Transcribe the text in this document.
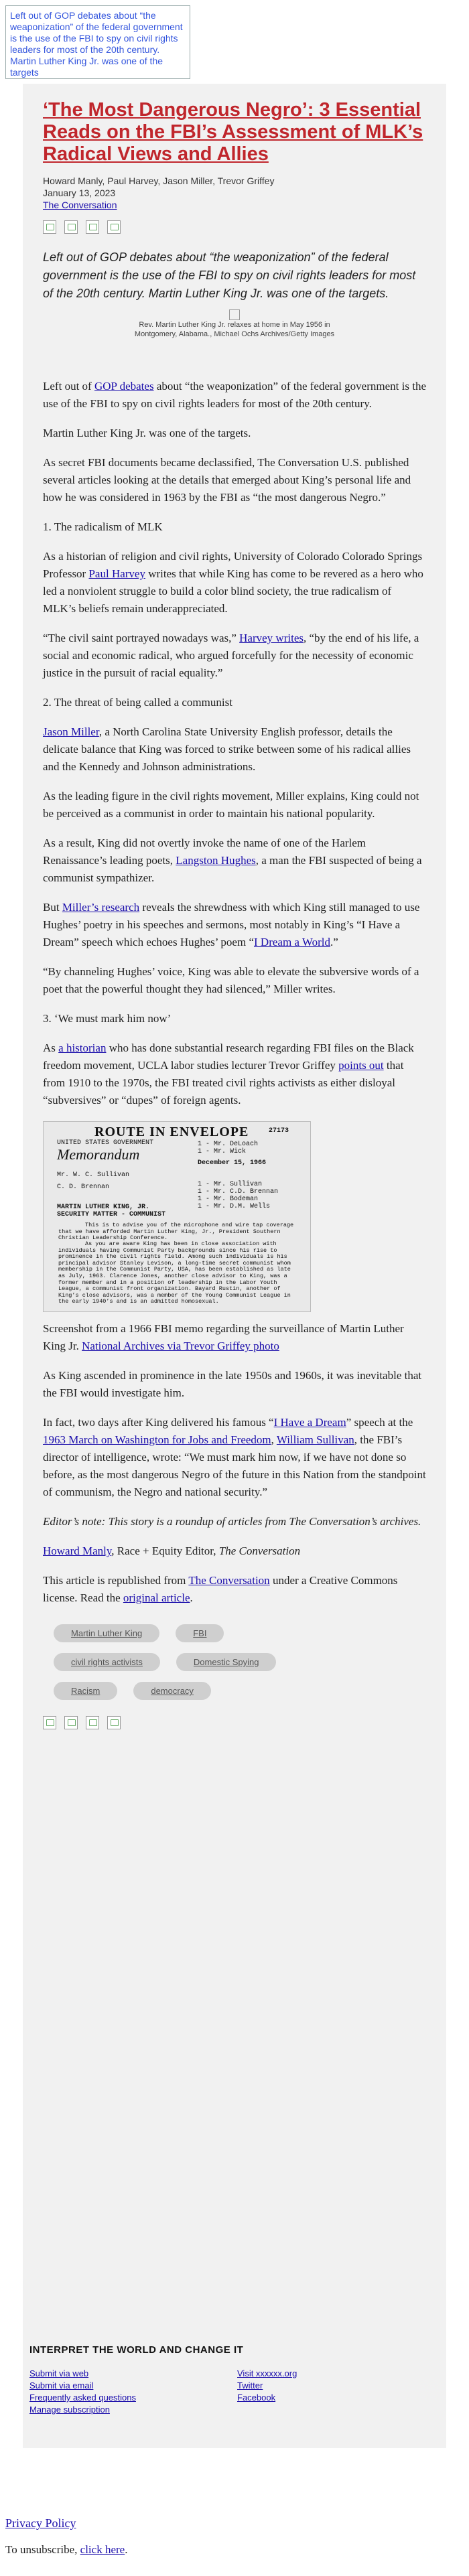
Left out of GOP debates about “the weaponization” of the federal government is the use of the FBI to spy on civil rights leaders for most of the 20th century. Martin Luther King Jr. was one of the targets
‘The Most Dangerous Negro’: 3 Essential Reads on the FBI’s Assessment of MLK’s Radical Views and Allies
Howard Manly, Paul Harvey, Jason Miller, Trevor Griffey
January 13, 2023
The Conversation
Left out of GOP debates about “the weaponization” of the federal government is the use of the FBI to spy on civil rights leaders for most of the 20th century. Martin Luther King Jr. was one of the targets.
Rev. Martin Luther King Jr. relaxes at home in May 1956 in Montgomery, Alabama., Michael Ochs Archives/Getty Images

Left out of GOP debates about “the weaponization” of the federal government is the use of the FBI to spy on civil rights leaders for most of the 20th century.

Martin Luther King Jr. was one of the targets.

As secret FBI documents became declassified, The Conversation U.S. published several articles looking at the details that emerged about King’s personal life and how he was considered in 1963 by the FBI as “the most dangerous Negro.”

1. The radicalism of MLK

As a historian of religion and civil rights, University of Colorado Colorado Springs Professor Paul Harvey writes that while King has come to be revered as a hero who led a nonviolent struggle to build a color blind society, the true radicalism of MLK’s beliefs remain underappreciated.

“The civil saint portrayed nowadays was,” Harvey writes, “by the end of his life, a social and economic radical, who argued forcefully for the necessity of economic justice in the pursuit of racial equality.”

2. The threat of being called a communist

Jason Miller, a North Carolina State University English professor, details the delicate balance that King was forced to strike between some of his radical allies and the Kennedy and Johnson administrations.

As the leading figure in the civil rights movement, Miller explains, King could not be perceived as a communist in order to maintain his national popularity.

As a result, King did not overtly invoke the name of one of the Harlem Renaissance’s leading poets, Langston Hughes, a man the FBI suspected of being a communist sympathizer.

But Miller’s research reveals the shrewdness with which King still managed to use Hughes’ poetry in his speeches and sermons, most notably in King’s “I Have a Dream” speech which echoes Hughes’ poem “I Dream a World.”

“By channeling Hughes’ voice, King was able to elevate the subversive words of a poet that the powerful thought they had silenced,” Miller writes.

3. ‘We must mark him now’

As a historian who has done substantial research regarding FBI files on the Black freedom movement, UCLA labor studies lecturer Trevor Griffey points out that from 1910 to the 1970s, the FBI treated civil rights activists as either disloyal “subversives” or “dupes” of foreign agents.

ROUTE IN ENVELOPE
UNITED STATES GOVERNMENT
Memorandum
27173
1 - Mr. DeLoach
1 - Mr. Wick
December 15, 1966
Mr. W. C. Sullivan
C. D. Brennan	1 - Mr. Sullivan
1 - Mr. C.D. Brennan
1 - Mr. Bodeman
1 - Mr. D.M. Wells
MARTIN LUTHER KING, JR.
SECURITY MATTER - COMMUNIST
This is to advise you of the microphone and wire tap coverage that we have afforded Martin Luther King, Jr., President Southern Christian Leadership Conference.
As you are aware King has been in close association with individuals having Communist Party backgrounds since his rise to prominence in the civil rights field. Among such individuals is his principal advisor Stanley Levison, a long-time secret communist whom membership in the Communist Party, USA, has been established as late as July, 1963. Clarence Jones, another close advisor to King, was a former member and in a position of leadership in the Labor Youth League, a communist front organization. Bayard Rustin, another of King’s close advisors, was a member of the Young Communist League in the early 1940’s and is an admitted homosexual.

Screenshot from a 1966 FBI memo regarding the surveillance of Martin Luther King Jr. National Archives via Trevor Griffey photo

As King ascended in prominence in the late 1950s and 1960s, it was inevitable that the FBI would investigate him.

In fact, two days after King delivered his famous “I Have a Dream” speech at the 1963 March on Washington for Jobs and Freedom, William Sullivan, the FBI’s director of intelligence, wrote: “We must mark him now, if we have not done so before, as the most dangerous Negro of the future in this Nation from the standpoint of communism, the Negro and national security.”

Editor’s note: This story is a roundup of articles from The Conversation’s archives.

Howard Manly, Race + Equity Editor, The Conversation

This article is republished from The Conversation under a Creative Commons license. Read the original article.

Martin Luther King	FBI
civil rights activists	Domestic Spying
Racism	democracy
INTERPRET THE WORLD AND CHANGE IT
Submit via web
Submit via email
Frequently asked questions
Manage subscription
Visit xxxxxx.org
Twitter
Facebook
Privacy Policy
To unsubscribe, click here.
